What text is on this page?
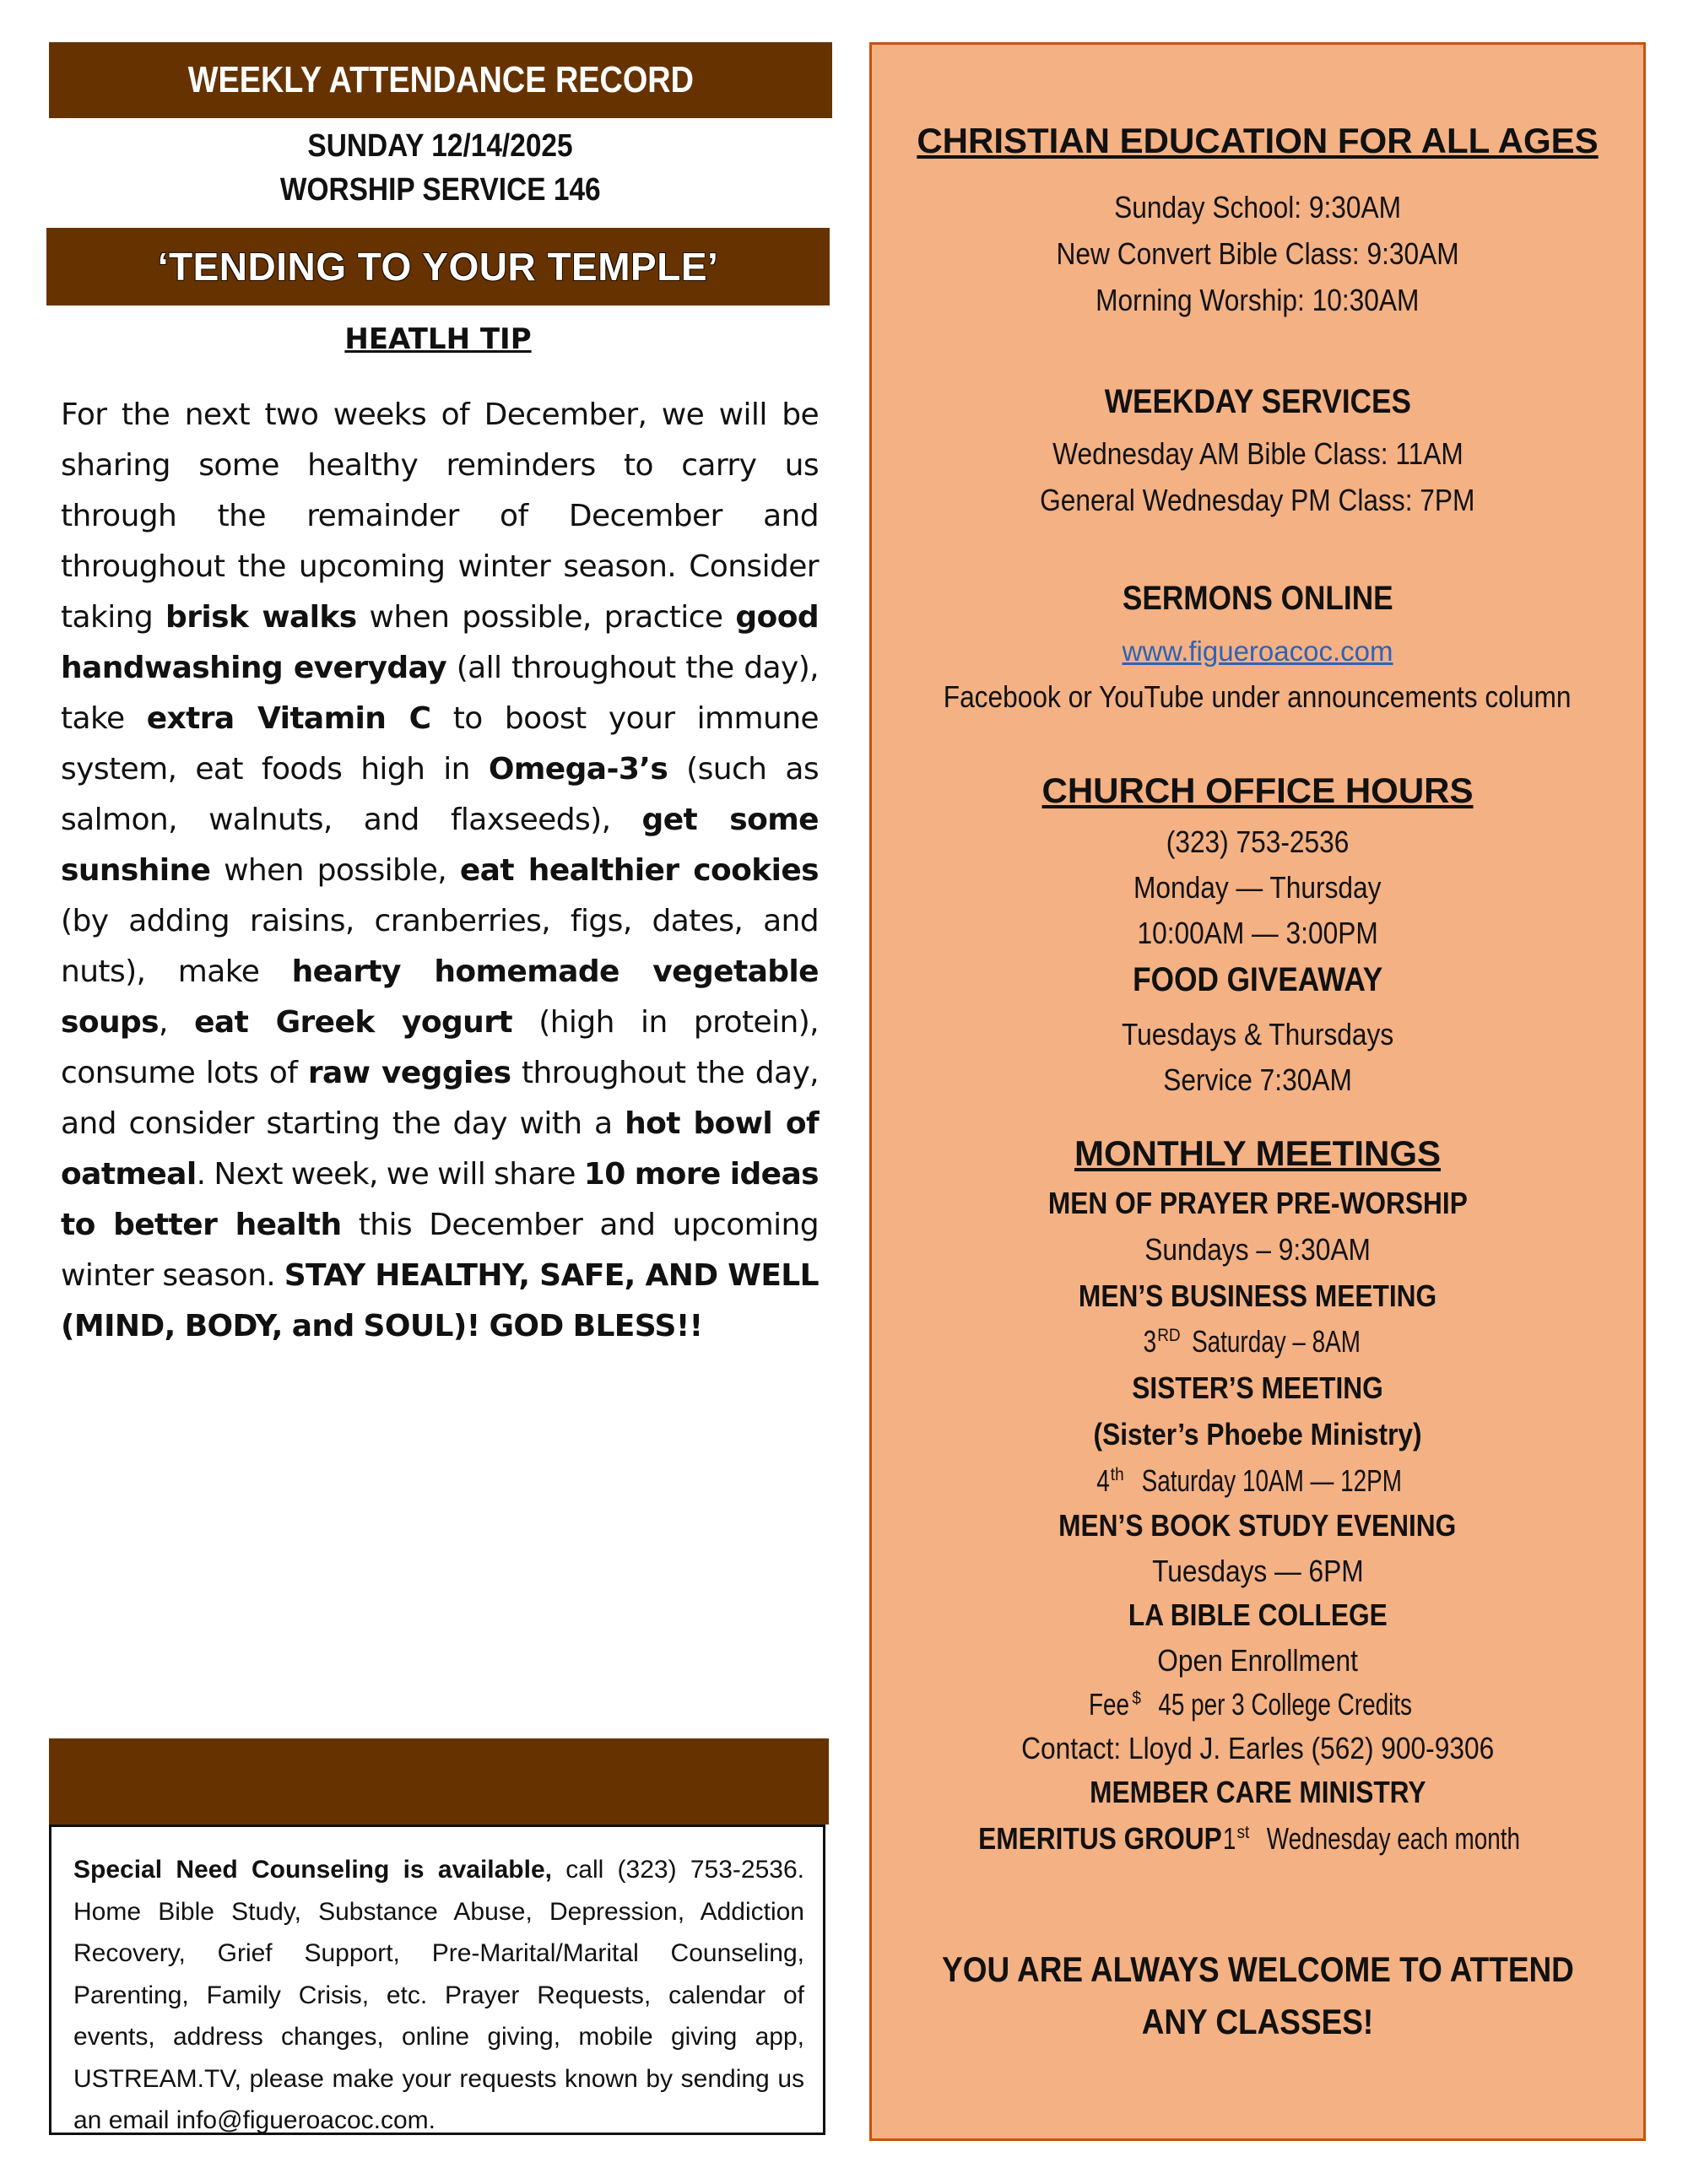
WEEKLY ATTENDANCE RECORD
SUNDAY 12/14/2025
WORSHIP SERVICE 146
‘TENDING TO YOUR TEMPLE’
HEATLH TIP
For the next two weeks of December, we will be sharing some healthy reminders to carry us through the remainder of December and throughout the upcoming winter season. Consider taking brisk walks when possible, practice good handwashing everyday (all throughout the day), take extra Vitamin C to boost your immune system, eat foods high in Omega-3’s (such as salmon, walnuts, and flaxseeds), get some sunshine when possible, eat healthier cookies (by adding raisins, cranberries, figs, dates, and nuts), make hearty homemade vegetable soups, eat Greek yogurt (high in protein), consume lots of raw veggies throughout the day, and consider starting the day with a hot bowl of oatmeal. Next week, we will share 10 more ideas to better health this December and upcoming winter season. STAY HEALTHY, SAFE, AND WELL (MIND, BODY, and SOUL)! GOD BLESS!!
Special Need Counseling is available, call (323) 753-2536. Home Bible Study, Substance Abuse, Depression, Addiction Recovery, Grief Support, Pre-Marital/Marital Counseling, Parenting, Family Crisis, etc. Prayer Requests, calendar of events, address changes, online giving, mobile giving app, USTREAM.TV, please make your requests known by sending us an email info@figueroacoc.com.
CHRISTIAN EDUCATION FOR ALL AGES
Sunday School: 9:30AM
New Convert Bible Class: 9:30AM
Morning Worship: 10:30AM
WEEKDAY SERVICES
Wednesday AM Bible Class: 11AM
General Wednesday PM Class: 7PM
SERMONS ONLINE
www.figueroacoc.com
Facebook or YouTube under announcements column
CHURCH OFFICE HOURS
(323) 753-2536
Monday — Thursday
10:00AM — 3:00PM
FOOD GIVEAWAY
Tuesdays & Thursdays
Service 7:30AM
MONTHLY MEETINGS
MEN OF PRAYER PRE-WORSHIP
Sundays – 9:30AM
MEN’S BUSINESS MEETING
3RDSaturday – 8AM
SISTER’S MEETING
(Sister’s Phoebe Ministry)
4thSaturday 10AM — 12PM
MEN’S BOOK STUDY EVENING
Tuesdays — 6PM
LA BIBLE COLLEGE
Open Enrollment
Fee$ 45 per 3 College Credits
Contact: Lloyd J. Earles (562) 900-9306
MEMBER CARE MINISTRY
EMERITUS GROUP1stWednesday each month
YOU ARE ALWAYS WELCOME TO ATTEND
ANY CLASSES!
